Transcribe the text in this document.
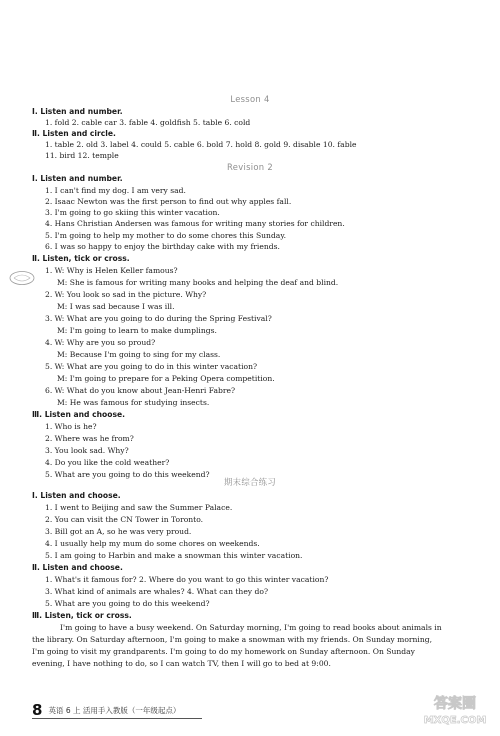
Lesson 4
Ⅰ. Listen and number.
1. fold 2. cable car 3. fable 4. goldfish 5. table 6. cold
Ⅱ. Listen and circle.
1. table 2. old 3. label 4. could 5. cable 6. bold 7. hold 8. gold 9. disable 10. fable
11. bird 12. temple
Revision 2
Ⅰ. Listen and number.
1. I can't find my dog. I am very sad.
2. Isaac Newton was the first person to find out why apples fall.
3. I'm going to go skiing this winter vacation.
4. Hans Christian Andersen was famous for writing many stories for children.
5. I'm going to help my mother to do some chores this Sunday.
6. I was so happy to enjoy the birthday cake with my friends.
Ⅱ. Listen, tick or cross.
1. W: Why is Helen Keller famous?
M: She is famous for writing many books and helping the deaf and blind.
2. W: You look so sad in the picture. Why?
M: I was sad because I was ill.
3. W: What are you going to do during the Spring Festival?
M: I'm going to learn to make dumplings.
4. W: Why are you so proud?
M: Because I'm going to sing for my class.
5. W: What are you going to do in this winter vacation?
M: I'm going to prepare for a Peking Opera competition.
6. W: What do you know about Jean-Henri Fabre?
M: He was famous for studying insects.
Ⅲ. Listen and choose.
1. Who is he?
2. Where was he from?
3. You look sad. Why?
4. Do you like the cold weather?
5. What are you going to do this weekend?
期末综合练习
Ⅰ. Listen and choose.
1. I went to Beijing and saw the Summer Palace.
2. You can visit the CN Tower in Toronto.
3. Bill got an A, so he was very proud.
4. I usually help my mum do some chores on weekends.
5. I am going to Harbin and make a snowman this winter vacation.
Ⅱ. Listen and choose.
1. What's it famous for? 2. Where do you want to go this winter vacation?
3. What kind of animals are whales? 4. What can they do?
5. What are you going to do this weekend?
Ⅲ. Listen, tick or cross.
I'm going to have a busy weekend. On Saturday morning, I'm going to read books about animals in
the library. On Saturday afternoon, I'm going to make a snowman with my friends. On Sunday morning,
I'm going to visit my grandparents. I'm going to do my homework on Sunday afternoon. On Sunday
evening, I have nothing to do, so I can watch TV, then I will go to bed at 9:00.
8 英语 6 上 活用手入教版（一年级起点）	答案圈
MXQE.COM
